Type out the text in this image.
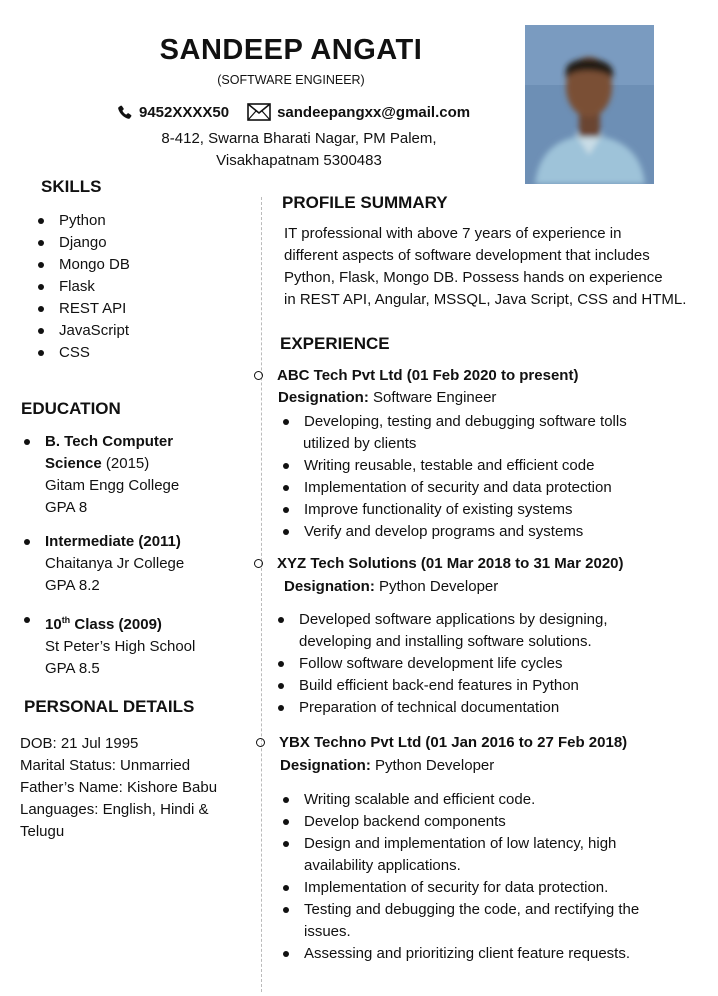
SANDEEP ANGATI
(SOFTWARE ENGINEER)
9452XXXX50	sandeepangxx@gmail.com
8-412, Swarna Bharati Nagar, PM Palem,
Visakhapatnam 5300483
SKILLS
Python
Django
Mongo DB
Flask
REST API
JavaScript
CSS
EDUCATION
B. Tech Computer
Science (2015)
Gitam Engg College
GPA 8
Intermediate (2011)
Chaitanya Jr College
GPA 8.2
10th Class (2009)
St Peter’s High School
GPA 8.5
PERSONAL DETAILS
DOB: 21 Jul 1995
Marital Status: Unmarried
Father’s Name: Kishore Babu
Languages: English, Hindi &
Telugu
PROFILE SUMMARY
IT professional with above 7 years of experience in
different aspects of software development that includes
Python, Flask, Mongo DB. Possess hands on experience
in REST API, Angular, MSSQL, Java Script, CSS and HTML.
EXPERIENCE
ABC Tech Pvt Ltd (01 Feb 2020 to present)
Designation: Software Engineer
Developing, testing and debugging software tolls
utilized by clients
Writing reusable, testable and efficient code
Implementation of security and data protection
Improve functionality of existing systems
Verify and develop programs and systems
XYZ Tech Solutions (01 Mar 2018 to 31 Mar 2020)
Designation: Python Developer
Developed software applications by designing,
developing and installing software solutions.
Follow software development life cycles
Build efficient back-end features in Python
Preparation of technical documentation
YBX Techno Pvt Ltd (01 Jan 2016 to 27 Feb 2018)
Designation: Python Developer
Writing scalable and efficient code.
Develop backend components
Design and implementation of low latency, high
availability applications.
Implementation of security for data protection.
Testing and debugging the code, and rectifying the
issues.
Assessing and prioritizing client feature requests.
